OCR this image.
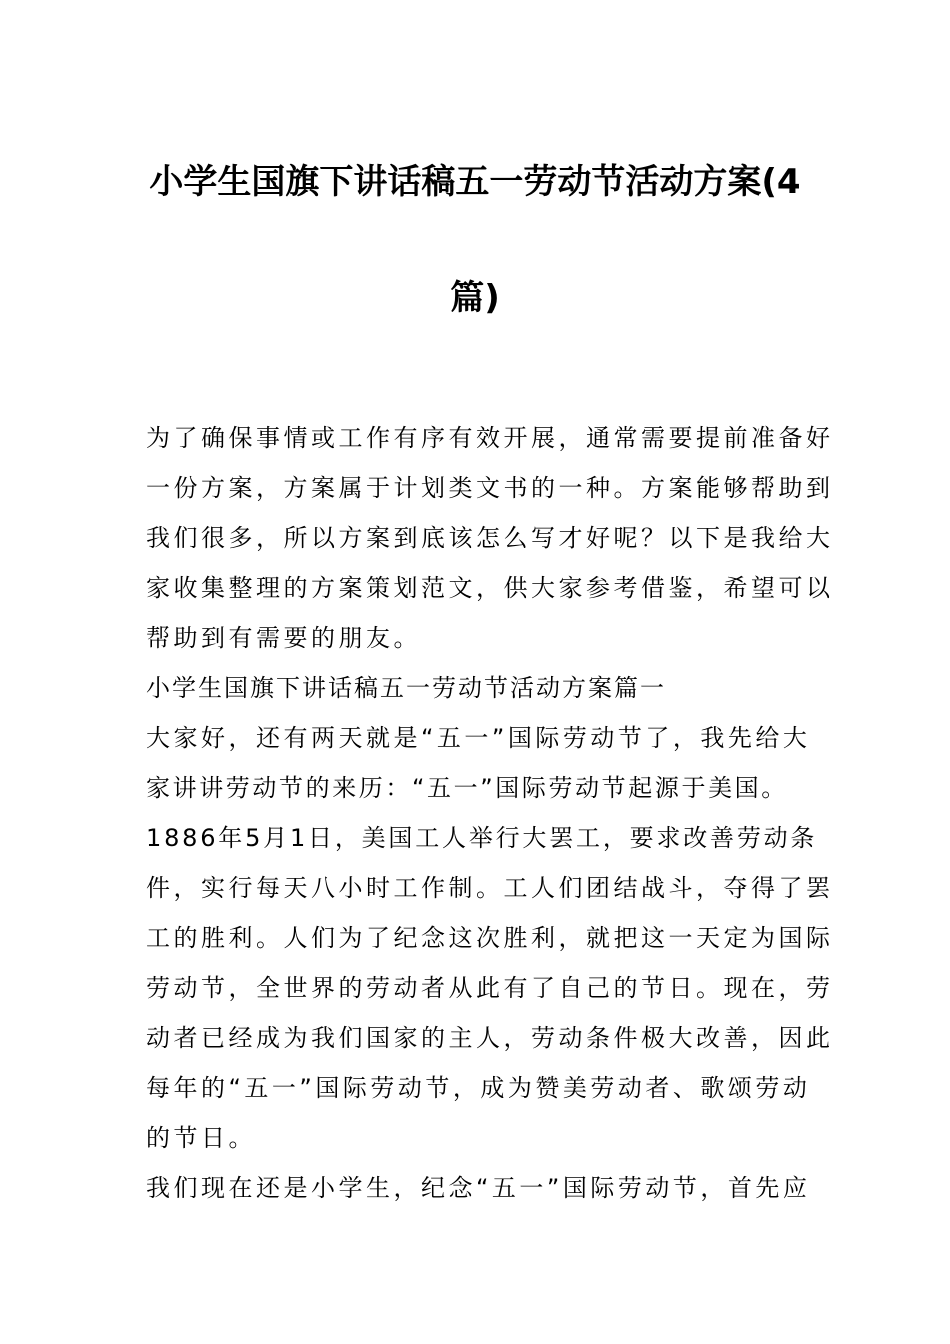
小学生国旗下讲话稿五一劳动节活动方案(4
篇)
为了确保事情或工作有序有效开展，通常需要提前准备好
一份方案，方案属于计划类文书的一种。方案能够帮助到
我们很多，所以方案到底该怎么写才好呢？以下是我给大
家收集整理的方案策划范文，供大家参考借鉴，希望可以
帮助到有需要的朋友。
小学生国旗下讲话稿五一劳动节活动方案篇一
大家好，还有两天就是“五一”国际劳动节了，我先给大
家讲讲劳动节的来历：“五一”国际劳动节起源于美国。
1886年5月1日，美国工人举行大罢工，要求改善劳动条
件，实行每天八小时工作制。工人们团结战斗，夺得了罢
工的胜利。人们为了纪念这次胜利，就把这一天定为国际
劳动节，全世界的劳动者从此有了自己的节日。现在，劳
动者已经成为我们国家的主人，劳动条件极大改善，因此
每年的“五一”国际劳动节，成为赞美劳动者、歌颂劳动
的节日。
我们现在还是小学生，纪念“五一”国际劳动节，首先应
